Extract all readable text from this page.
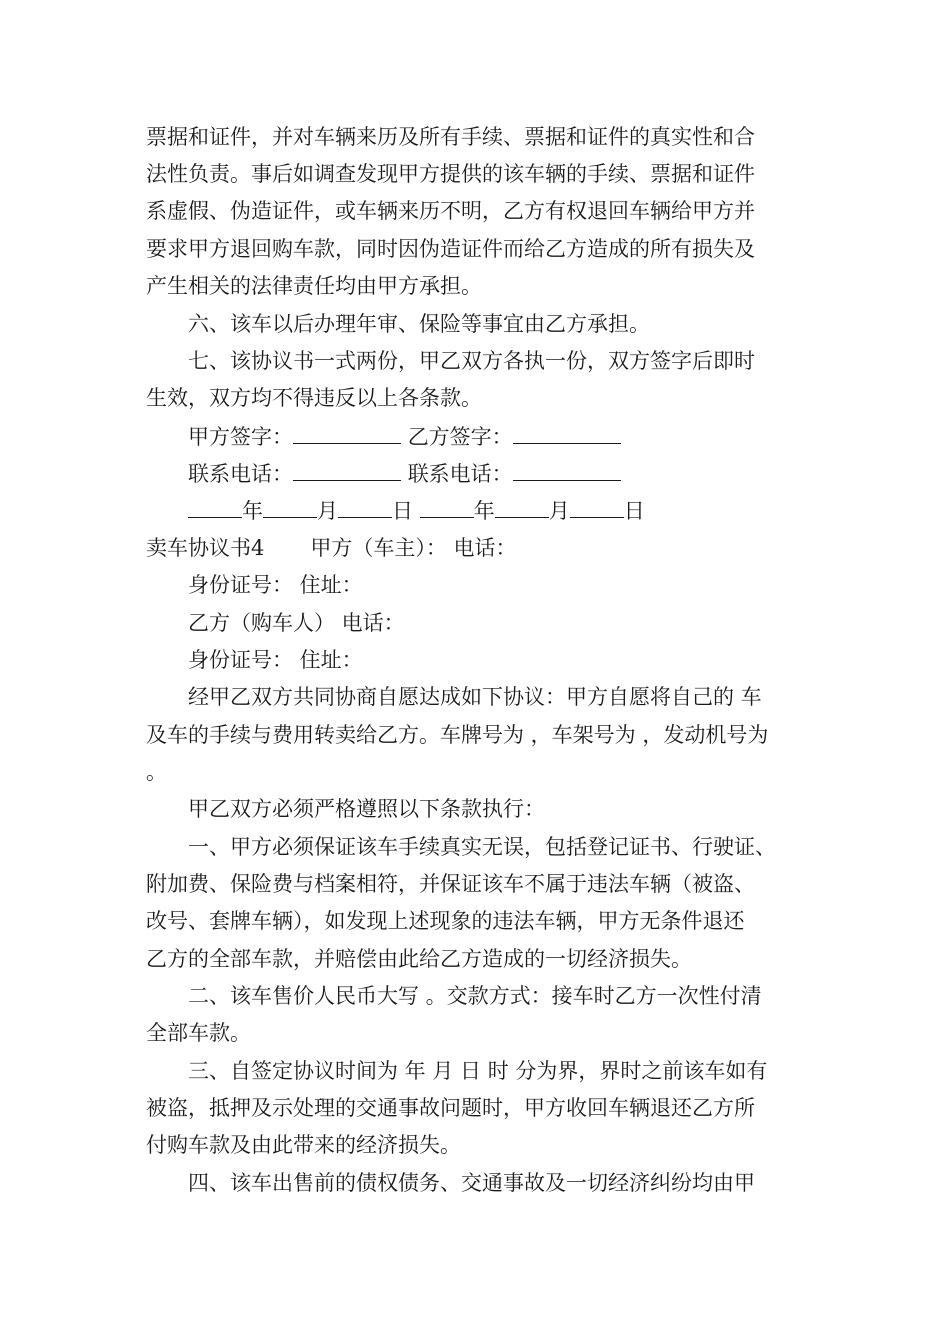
票据和证件，并对车辆来历及所有手续、票据和证件的真实性和合
法性负责。事后如调查发现甲方提供的该车辆的手续、票据和证件
系虚假、伪造证件，或车辆来历不明，乙方有权退回车辆给甲方并
要求甲方退回购车款，同时因伪造证件而给乙方造成的所有损失及
产生相关的法律责任均由甲方承担。
六、该车以后办理年审、保险等事宜由乙方承担。
七、该协议书一式两份，甲乙双方各执一份，双方签字后即时
生效，双方均不得违反以上各条款。
甲方签字：	乙方签字：
联系电话：	联系电话：
年	月	日	年	月	日
卖车协议书4 甲方（车主）： 电话：
身份证号： 住址：
乙方（购车人） 电话：
身份证号： 住址：
经甲乙双方共同协商自愿达成如下协议：甲方自愿将自己的 车
及车的手续与费用转卖给乙方。车牌号为 ，车架号为 ，发动机号为
。
甲乙双方必须严格遵照以下条款执行：
一、甲方必须保证该车手续真实无误，包括登记证书、行驶证、
附加费、保险费与档案相符，并保证该车不属于违法车辆（被盗、
改号、套牌车辆），如发现上述现象的违法车辆，甲方无条件退还
乙方的全部车款，并赔偿由此给乙方造成的一切经济损失。
二、该车售价人民币大写 。交款方式：接车时乙方一次性付清
全部车款。
三、自签定协议时间为 年 月 日 时 分为界，界时之前该车如有
被盗，抵押及示处理的交通事故问题时，甲方收回车辆退还乙方所
付购车款及由此带来的经济损失。
四、该车出售前的债权债务、交通事故及一切经济纠纷均由甲
